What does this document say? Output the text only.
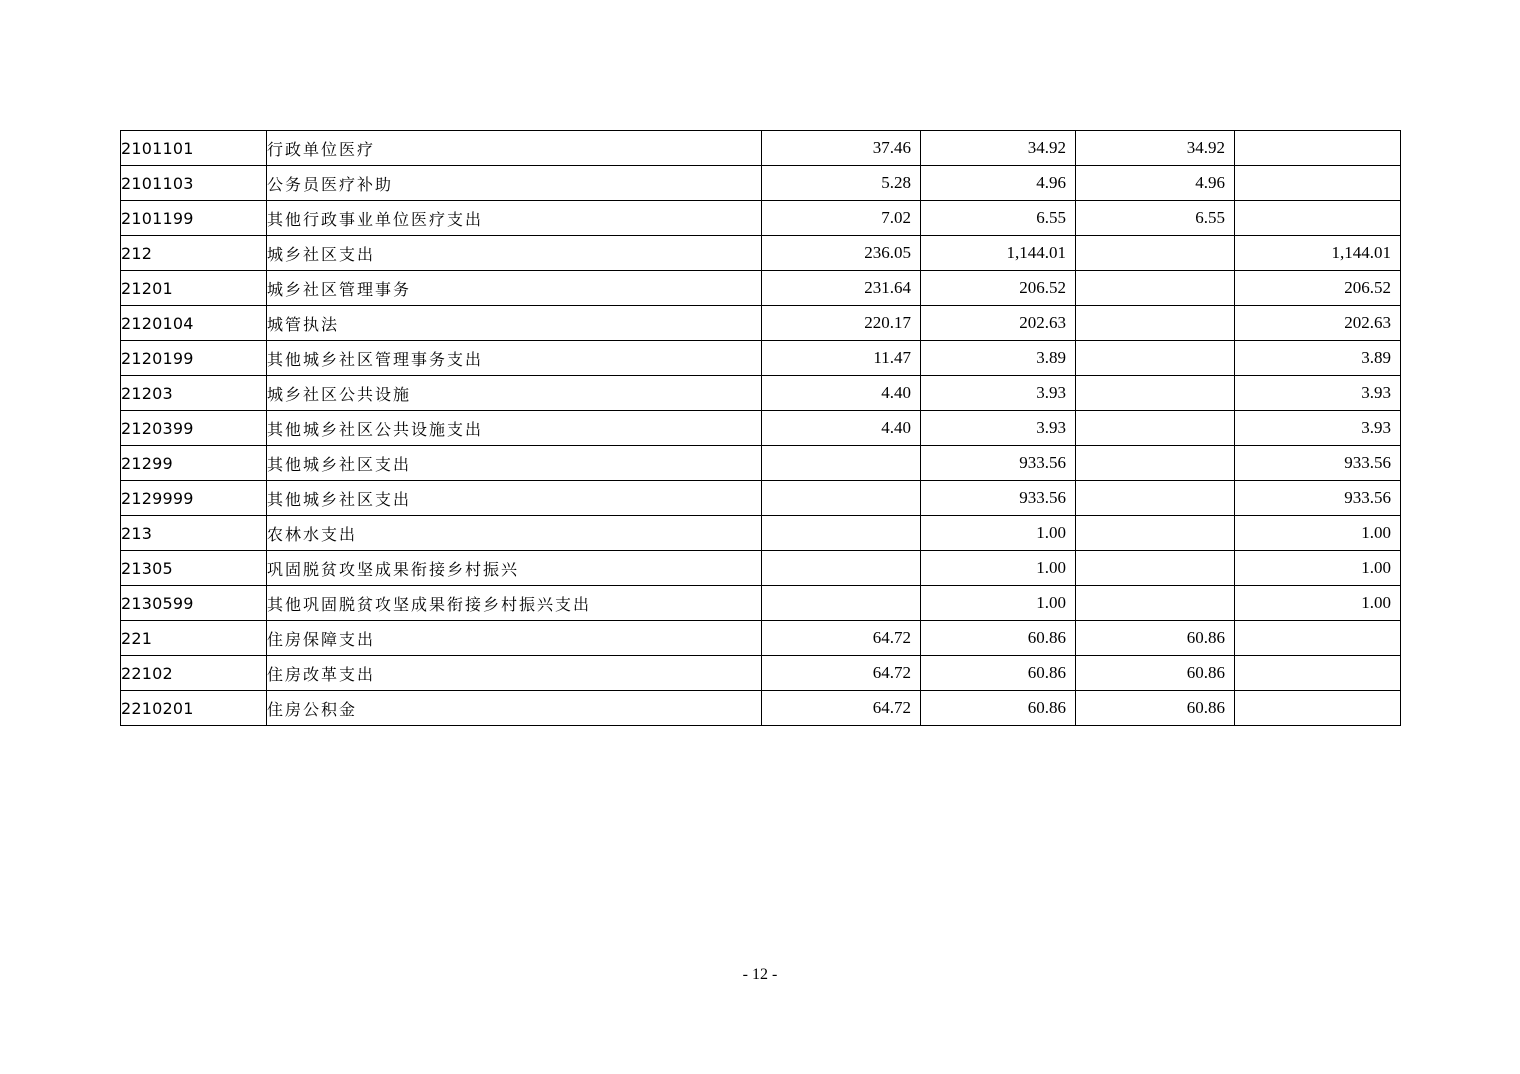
2101101	行政单位医疗	37.46	34.92	34.92	
2101103	公务员医疗补助	5.28	4.96	4.96	
2101199	其他行政事业单位医疗支出	7.02	6.55	6.55	
212	城乡社区支出	236.05	1,144.01		1,144.01
21201	城乡社区管理事务	231.64	206.52		206.52
2120104	城管执法	220.17	202.63		202.63
2120199	其他城乡社区管理事务支出	11.47	3.89		3.89
21203	城乡社区公共设施	4.40	3.93		3.93
2120399	其他城乡社区公共设施支出	4.40	3.93		3.93
21299	其他城乡社区支出		933.56		933.56
2129999	其他城乡社区支出		933.56		933.56
213	农林水支出		1.00		1.00
21305	巩固脱贫攻坚成果衔接乡村振兴		1.00		1.00
2130599	其他巩固脱贫攻坚成果衔接乡村振兴支出		1.00		1.00
221	住房保障支出	64.72	60.86	60.86	
22102	住房改革支出	64.72	60.86	60.86	
2210201	住房公积金	64.72	60.86	60.86	
- 12 -
